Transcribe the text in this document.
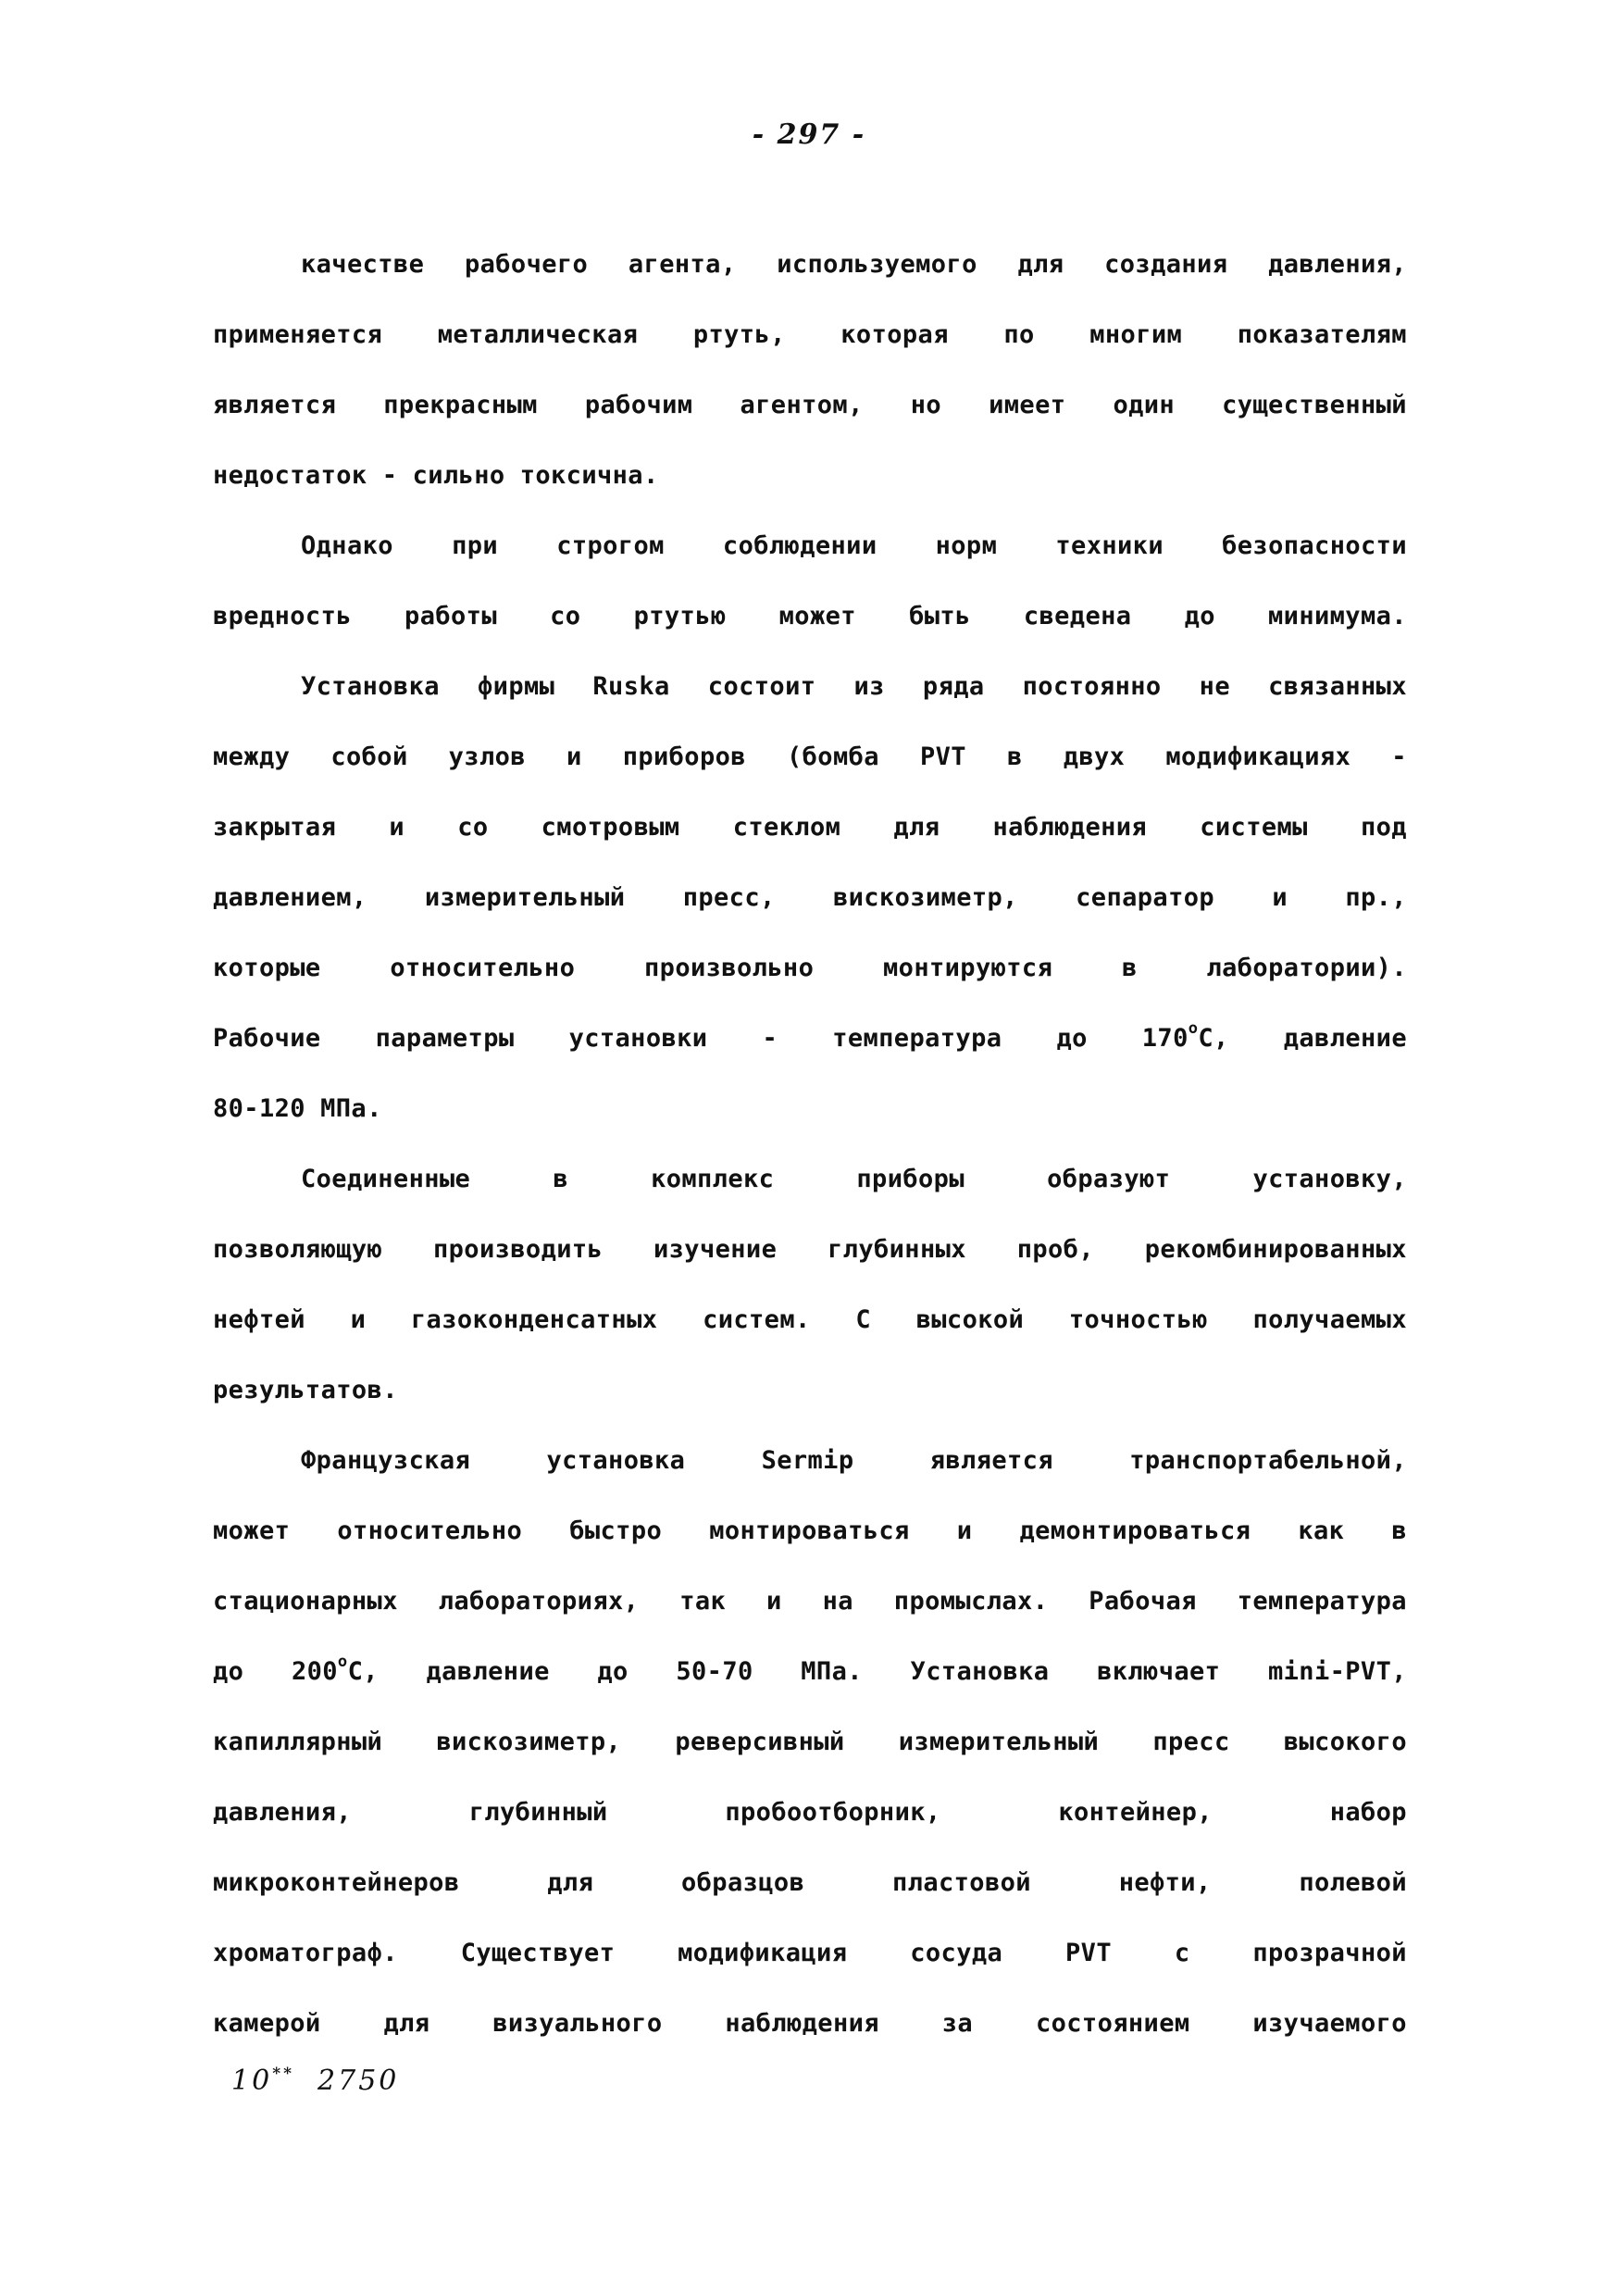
- 297 -
качестве рабочего агента, используемого для создания давления,
применяется металлическая ртуть, которая по многим показателям
является прекрасным рабочим агентом, но имеет один существенный
недостаток - сильно токсична.
Однако при строгом соблюдении норм техники безопасности
вредность работы со ртутью может быть сведена до минимума.
Установка фирмы Ruska состоит из ряда постоянно не связанных
между собой узлов и приборов (бомба PVT в двух модификациях -
закрытая и со смотровым стеклом для наблюдения системы под
давлением, измерительный пресс, вискозиметр, сепаратор и пр.,
которые	относительно	произвольно	монтируются	в	лаборатории).
Рабочие параметры установки - температура до 170$^o$С, давление
80-120 МПа.
Соединенные	в	комплекс	приборы	образуют	установку,
позволяющую производить изучение глубинных проб, рекомбинированных
нефтей и газоконденсатных систем. С высокой точностью получаемых
результатов.
Французская	установка	Sermip	является	транспортабельной,
может относительно быстро монтироваться и демонтироваться как в
стационарных лабораториях, так и на промыслах. Рабочая температура
до 200$^o$С, давление до 50-70 МПа. Установка включает mini-PVT,
капиллярный вискозиметр, реверсивный измерительный пресс высокого
давления,	глубинный	пробоотборник,	контейнер,	набор
микроконтейнеров	для	образцов	пластовой	нефти,	полевой
хроматограф.	Существует	модификация	сосуда	PVT	с	прозрачной
камерой	для	визуального	наблюдения	за	состоянием	изучаемого
10** 2750
